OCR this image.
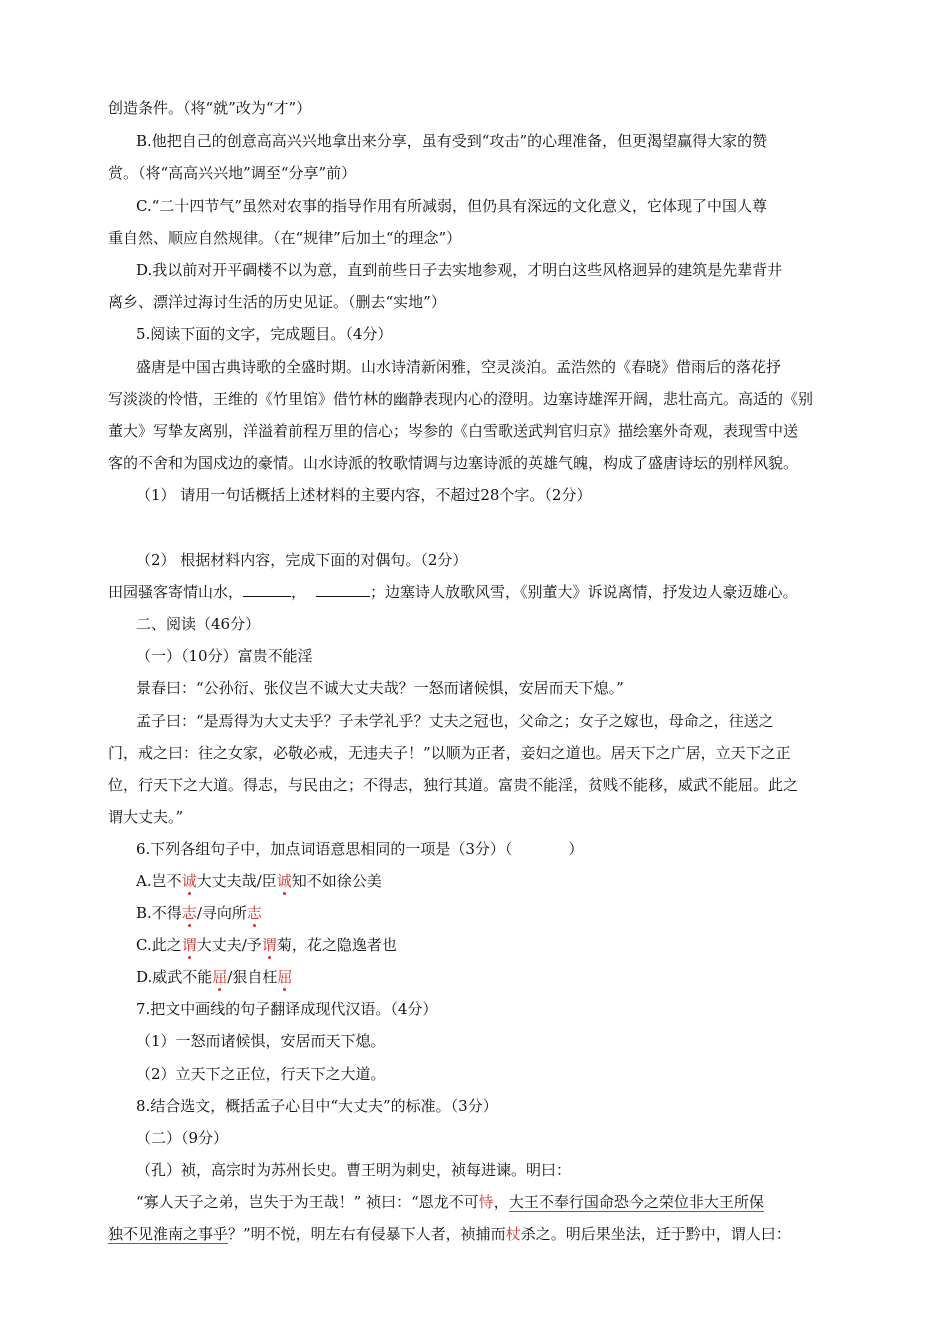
创造条件。（将“就”改为“才”）
B.他把自己的创意高高兴兴地拿出来分享，虽有受到“攻击”的心理准备，但更渴望赢得大家的赞
赏。（将“高高兴兴地”调至“分享”前）
C.“二十四节气”虽然对农事的指导作用有所减弱，但仍具有深远的文化意义，它体现了中国人尊
重自然、顺应自然规律。（在“规律”后加土“的理念”）
D.我以前对开平碉楼不以为意，直到前些日子去实地参观，才明白这些风格迥异的建筑是先辈背井
离乡、漂洋过海讨生活的历史见证。（删去“实地”）
5.阅读下面的文字，完成题目。（4分）
盛唐是中国古典诗歌的全盛时期。山水诗清新闲雅，空灵淡泊。孟浩然的《春晓》借雨后的落花抒
写淡淡的怜惜，王维的《竹里馆》借竹林的幽静表现内心的澄明。边塞诗雄浑开阔，悲壮高亢。高适的《别
董大》写挚友离别，洋溢着前程万里的信心；岑参的《白雪歌送武判官归京》描绘塞外奇观，表现雪中送
客的不舍和为国戍边的豪情。山水诗派的牧歌情调与边塞诗派的英雄气魄，构成了盛唐诗坛的别样风貌。
（1） 请用一句话概括上述材料的主要内容，不超过28个字。（2分）
（2） 根据材料内容，完成下面的对偶句。（2分）
田园骚客寄情山水，	，	；边塞诗人放歌风雪，《别董大》诉说离情，抒发边人豪迈雄心。
二、阅读（46分）
（一）（10分）富贵不能淫
景春曰：“公孙衍、张仪岂不诚大丈夫哉？一怒而诸候惧，安居而天下熄。”
孟子曰：“是焉得为大丈夫乎？子未学礼乎？丈夫之冠也，父命之；女子之嫁也，母命之，往送之
门，戒之曰：往之女家，必敬必戒，无违夫子！”以顺为正者，妾妇之道也。居天下之广居，立天下之正
位，行天下之大道。得志，与民由之；不得志，独行其道。富贵不能淫，贫贱不能移，威武不能屈。此之
谓大丈夫。”
6.下列各组句子中，加点词语意思相同的一项是（3分）（	）
A.岂不诚大丈夫哉/臣诚知不如徐公美
B.不得志/寻向所志
C.此之谓大丈夫/予谓菊，花之隐逸者也
D.威武不能屈/狠自枉屈
7.把文中画线的句子翻译成现代汉语。（4分）
（1）一怒而诸候惧，安居而天下熄。
（2）立天下之正位，行天下之大道。
8.结合选文，概括孟子心目中“大丈夫”的标准。（3分）
（二）（9分）
（孔）祯，高宗时为苏州长史。曹王明为刺史，祯每进谏。明曰：
“寡人天子之弟，岂失于为王哉！” 祯曰：“恩龙不可恃，大王不奉行国命恐今之荣位非大王所保
独不见淮南之事乎？”明不悦，明左右有侵暴下人者，祯捕而杖杀之。明后果坐法，迁于黔中，谓人曰：
